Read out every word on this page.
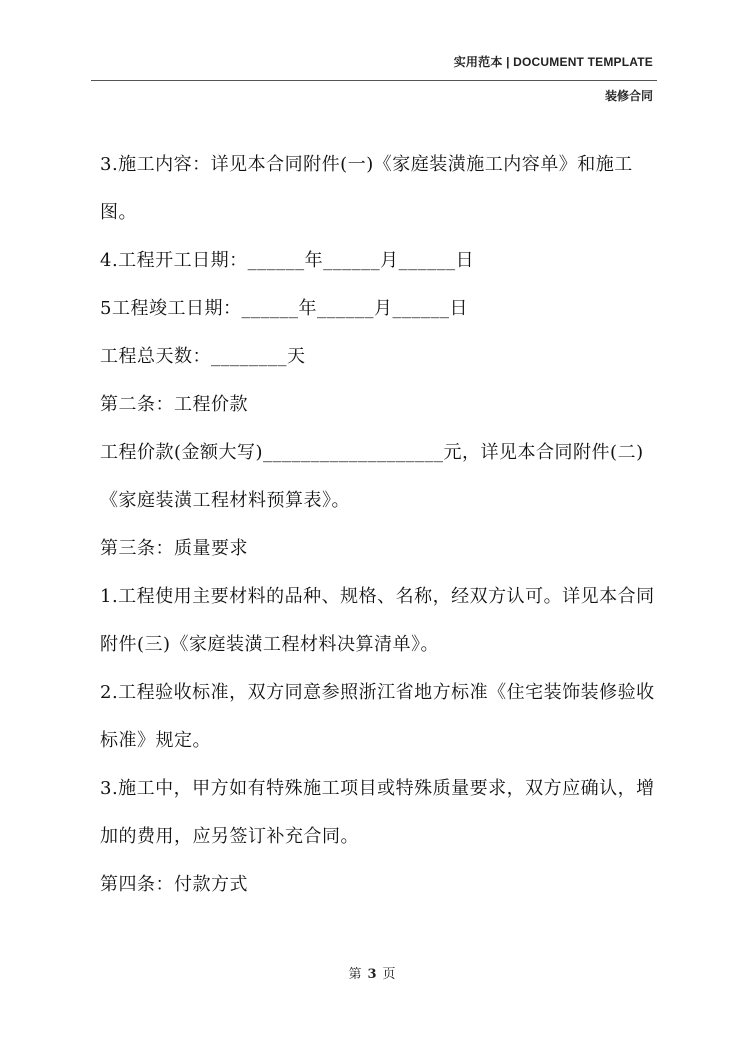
实用范本 | DOCUMENT TEMPLATE
装修合同

3.施工内容：详见本合同附件(一)《家庭装潢施工内容单》和施工图。

4.工程开工日期：______年______月______日

5工程竣工日期：______年______月______日

工程总天数：________天

第二条：工程价款

工程价款(金额大写)___________________元，详见本合同附件(二)《家庭装潢工程材料预算表》。

第三条：质量要求

1.工程使用主要材料的品种、规格、名称，经双方认可。详见本合同附件(三)《家庭装潢工程材料决算清单》。

2.工程验收标准，双方同意参照浙江省地方标准《住宅装饰装修验收标准》规定。

3.施工中，甲方如有特殊施工项目或特殊质量要求，双方应确认，增加的费用，应另签订补充合同。

第四条：付款方式

第 3 页
